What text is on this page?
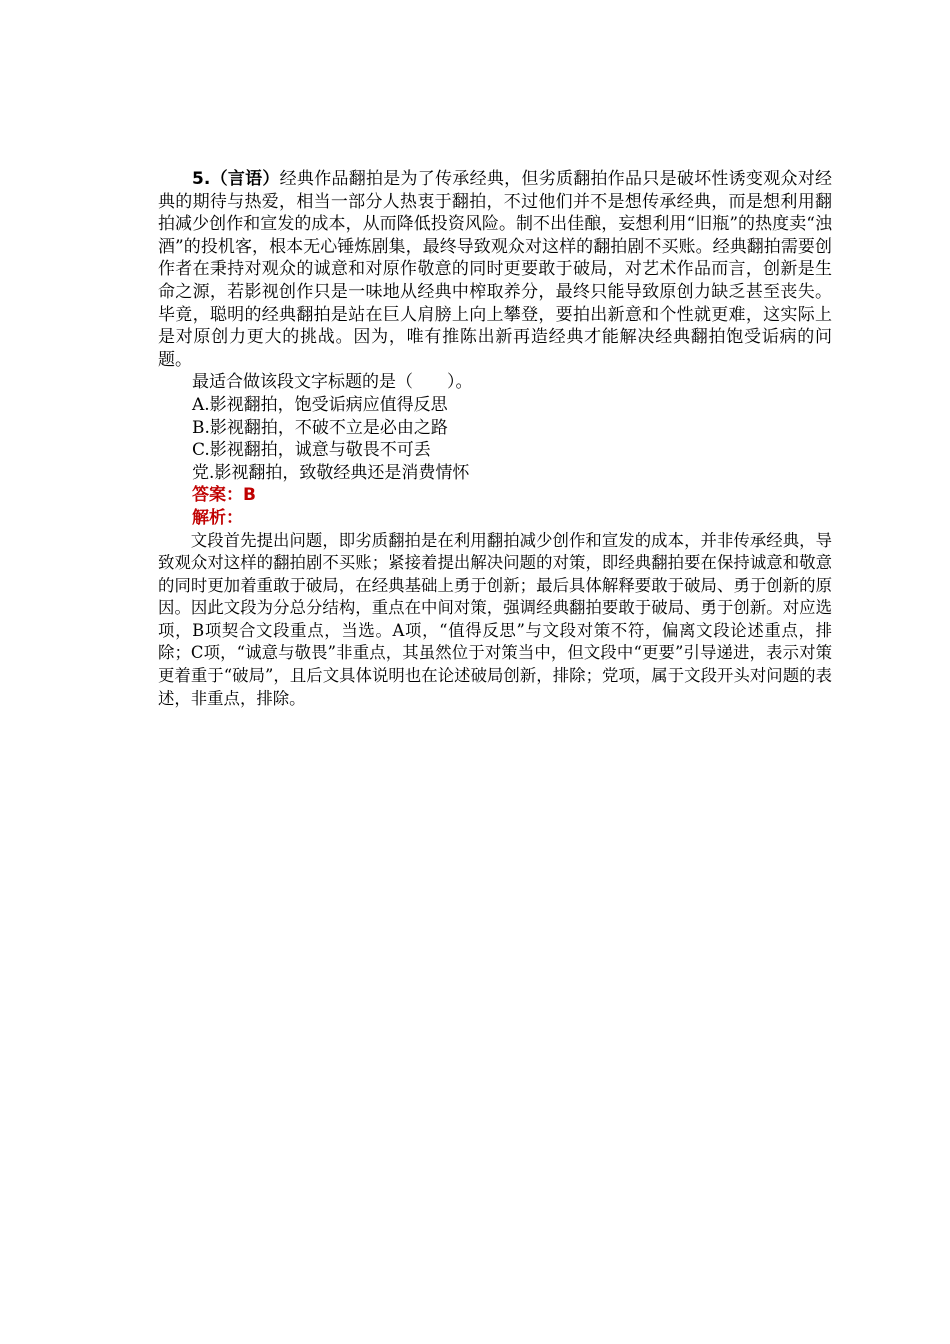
5.（言语）经典作品翻拍是为了传承经典，但劣质翻拍作品只是破坏性诱变观众对经典的期待与热爱，相当一部分人热衷于翻拍，不过他们并不是想传承经典，而是想利用翻拍减少创作和宣发的成本，从而降低投资风险。制不出佳酿，妄想利用“旧瓶”的热度卖“浊酒”的投机客，根本无心锤炼剧集，最终导致观众对这样的翻拍剧不买账。经典翻拍需要创作者在秉持对观众的诚意和对原作敬意的同时更要敢于破局，对艺术作品而言，创新是生命之源，若影视创作只是一味地从经典中榨取养分，最终只能导致原创力缺乏甚至丧失。毕竟，聪明的经典翻拍是站在巨人肩膀上向上攀登，要拍出新意和个性就更难，这实际上是对原创力更大的挑战。因为，唯有推陈出新再造经典才能解决经典翻拍饱受诟病的问题。

最适合做该段文字标题的是（　　）。

A.影视翻拍，饱受诟病应值得反思

B.影视翻拍，不破不立是必由之路

C.影视翻拍，诚意与敬畏不可丢

党.影视翻拍，致敬经典还是消费情怀

答案：B

解析：

文段首先提出问题，即劣质翻拍是在利用翻拍减少创作和宣发的成本，并非传承经典，导致观众对这样的翻拍剧不买账；紧接着提出解决问题的对策，即经典翻拍要在保持诚意和敬意的同时更加着重敢于破局，在经典基础上勇于创新；最后具体解释要敢于破局、勇于创新的原因。因此文段为分总分结构，重点在中间对策，强调经典翻拍要敢于破局、勇于创新。对应选项，B项契合文段重点，当选。A项，“值得反思”与文段对策不符，偏离文段论述重点，排除；C项，“诚意与敬畏”非重点，其虽然位于对策当中，但文段中“更要”引导递进，表示对策更着重于“破局”，且后文具体说明也在论述破局创新，排除；党项，属于文段开头对问题的表述，非重点，排除。
